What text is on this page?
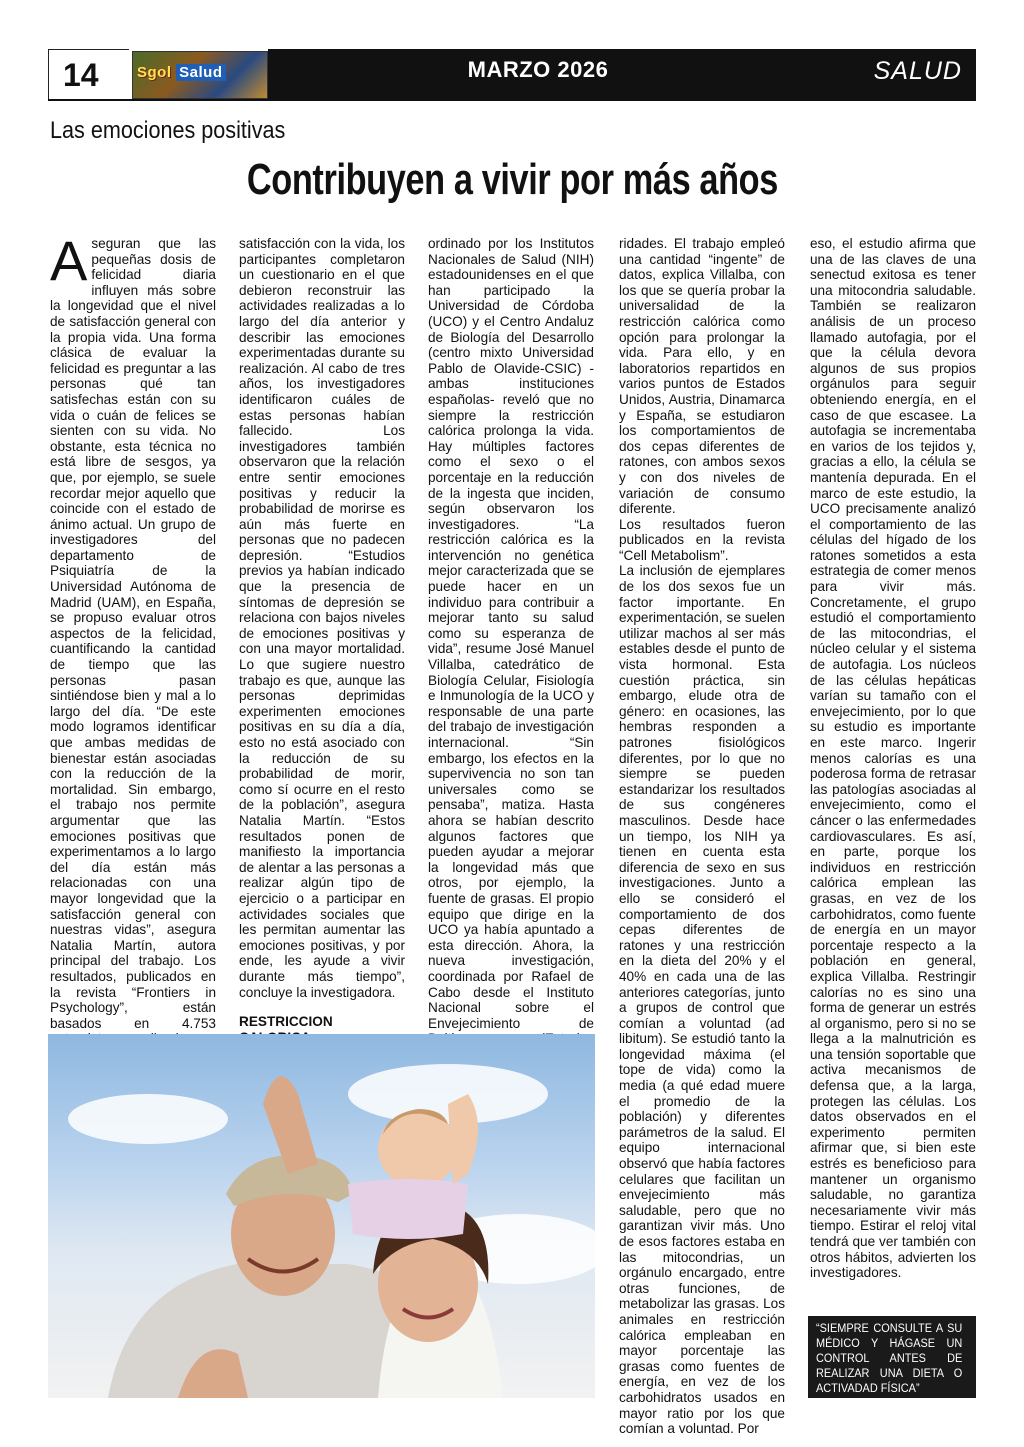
14	Sgol Salud	MARZO 2026	SALUD
Las emociones positivas
Contribuyen a vivir por más años

Aseguran que las pequeñas dosis de felicidad diaria influyen más sobre la longevidad que el nivel de satisfacción general con la propia vida. Una forma clásica de evaluar la felicidad es preguntar a las personas qué tan satisfechas están con su vida o cuán de felices se sienten con su vida. No obstante, esta técnica no está libre de sesgos, ya que, por ejemplo, se suele recordar mejor aquello que coincide con el estado de ánimo actual. Un grupo de investigadores del departamento de Psiquiatría de la Universidad Autónoma de Madrid (UAM), en España, se propuso evaluar otros aspectos de la felicidad, cuantificando la cantidad de tiempo que las personas pasan sintiéndose bien y mal a lo largo del día. “De este modo logramos identificar que ambas medidas de bienestar están asociadas con la reducción de la mortalidad. Sin embargo, el trabajo nos permite argumentar que las emociones positivas que experimentamos a lo largo del día están más relacionadas con una mayor longevidad que la satisfacción general con nuestras vidas”, asegura Natalia Martín, autora principal del trabajo. Los resultados, publicados en la revista “Frontiers in Psychology”, están basados en 4.753

satisfacción con la vida, los participantes completaron un cuestionario en el que debieron reconstruir las actividades realizadas a lo largo del día anterior y describir las emociones experimentadas durante su realización. Al cabo de tres años, los investigadores identificaron cuáles de estas personas habían fallecido. Los investigadores también observaron que la relación entre sentir emociones positivas y reducir la probabilidad de morirse es aún más fuerte en personas que no padecen depresión. “Estudios previos ya habían indicado que la presencia de síntomas de depresión se relaciona con bajos niveles de emociones positivas y con una mayor mortalidad. Lo que sugiere nuestro trabajo es que, aunque las personas deprimidas experimenten emociones positivas en su día a día, esto no está asociado con la reducción de su probabilidad de morir, como sí ocurre en el resto de la población”, asegura Natalia Martín. “Estos resultados ponen de manifiesto la importancia de alentar a las personas a realizar algún tipo de ejercicio o a participar en actividades sociales que les permitan aumentar las emociones positivas, y por ende, les ayude a vivir durante más tiempo”, concluye la investigadora.

RESTRICCION

ordinado por los Institutos Nacionales de Salud (NIH) estadounidenses en el que han participado la Universidad de Córdoba (UCO) y el Centro Andaluz de Biología del Desarrollo (centro mixto Universidad Pablo de Olavide-CSIC) -ambas instituciones españolas- reveló que no siempre la restricción calórica prolonga la vida. Hay múltiples factores como el sexo o el porcentaje en la reducción de la ingesta que inciden, según observaron los investigadores. “La restricción calórica es la intervención no genética mejor caracterizada que se puede hacer en un individuo para contribuir a mejorar tanto su salud como su esperanza de vida”, resume José Manuel Villalba, catedrático de Biología Celular, Fisiología e Inmunología de la UCO y responsable de una parte del trabajo de investigación internacional. “Sin embargo, los efectos en la supervivencia no son tan universales como se pensaba”, matiza. Hasta ahora se habían descrito algunos factores que pueden ayudar a mejorar la longevidad más que otros, por ejemplo, la fuente de grasas. El propio equipo que dirige en la UCO ya había apuntado a esta dirección. Ahora, la nueva investigación, coordinada por Rafael de Cabo desde el Instituto Nacional sobre el Envejecimiento de

ridades. El trabajo empleó una cantidad “ingente” de datos, explica Villalba, con los que se quería probar la universalidad de la restricción calórica como opción para prolongar la vida. Para ello, y en laboratorios repartidos en varios puntos de Estados Unidos, Austria, Dinamarca y España, se estudiaron los comportamientos de dos cepas diferentes de ratones, con ambos sexos y con dos niveles de variación de consumo diferente.

Los resultados fueron publicados en la revista “Cell Metabolism”.

La inclusión de ejemplares de los dos sexos fue un factor importante. En experimentación, se suelen utilizar machos al ser más estables desde el punto de vista hormonal. Esta cuestión práctica, sin embargo, elude otra de género: en ocasiones, las hembras responden a patrones fisiológicos diferentes, por lo que no siempre se pueden estandarizar los resultados de sus congéneres masculinos. Desde hace un tiempo, los NIH ya tienen en cuenta esta diferencia de sexo en sus investigaciones. Junto a ello se consideró el comportamiento de dos cepas diferentes de ratones y una restricción en la dieta del 20% y el 40% en cada una de las anteriores categorías, junto a grupos de control que comían a voluntad (ad libitum). Se estudió tanto la longevidad máxima (el tope de vida) como la media (a qué edad muere el promedio de la población) y diferentes parámetros de la salud. El equipo internacional observó que había factores celulares que facilitan un envejecimiento más saludable, pero que no garantizan vivir más. Uno de esos factores estaba en las mitocondrias, un orgánulo encargado, entre otras funciones, de metabolizar las grasas. Los animales en restricción calórica empleaban en mayor porcentaje las grasas como fuentes de energía, en vez de los carbohidratos usados en mayor ratio por los que comían a voluntad. Por

eso, el estudio afirma que una de las claves de una senectud exitosa es tener una mitocondria saludable. También se realizaron análisis de un proceso llamado autofagia, por el que la célula devora algunos de sus propios orgánulos para seguir obteniendo energía, en el caso de que escasee. La autofagia se incrementaba en varios de los tejidos y, gracias a ello, la célula se mantenía depurada. En el marco de este estudio, la UCO precisamente analizó el comportamiento de las células del hígado de los ratones sometidos a esta estrategia de comer menos para vivir más. Concretamente, el grupo estudió el comportamiento de las mitocondrias, el núcleo celular y el sistema de autofagia. Los núcleos de las células hepáticas varían su tamaño con el envejecimiento, por lo que su estudio es importante en este marco. Ingerir menos calorías es una poderosa forma de retrasar las patologías asociadas al envejecimiento, como el cáncer o las enfermedades cardiovasculares. Es así, en parte, porque los individuos en restricción calórica emplean las grasas, en vez de los carbohidratos, como fuente de energía en un mayor porcentaje respecto a la población en general, explica Villalba. Restringir calorías no es sino una forma de generar un estrés al organismo, pero si no se llega a la malnutrición es una tensión soportable que activa mecanismos de defensa que, a la larga, protegen las células. Los datos observados en el experimento permiten afirmar que, si bien este estrés es beneficioso para mantener un organismo saludable, no garantiza necesariamente vivir más tiempo. Estirar el reloj vital tendrá que ver también con otros hábitos, advierten los investigadores.

“SIEMPRE CONSULTE A SU MÉDICO Y HÁGASE UN CONTROL ANTES DE REALIZAR UNA DIETA O ACTIVADAD FÍSICA”
